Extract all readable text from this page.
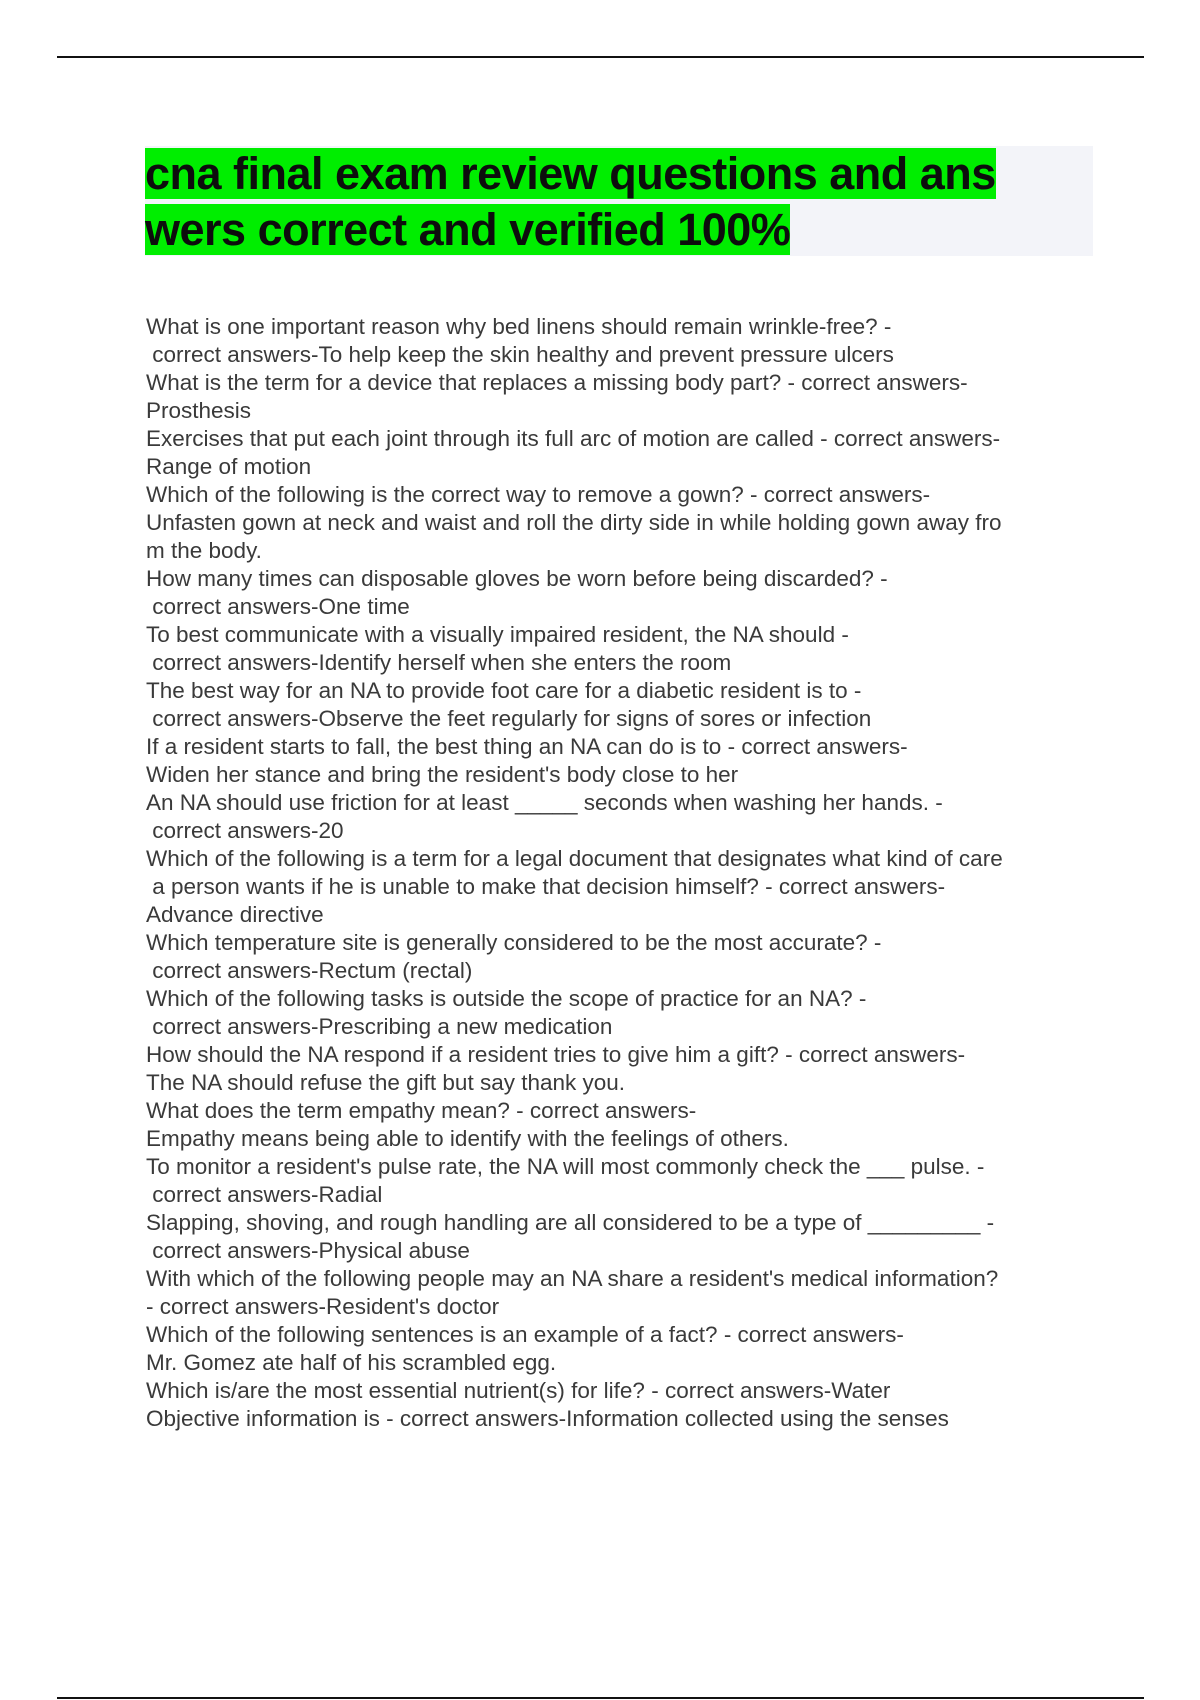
cna final exam review questions and ans
wers correct and verified 100%
What is one important reason why bed linens should remain wrinkle-free? -
correct answers-To help keep the skin healthy and prevent pressure ulcers
What is the term for a device that replaces a missing body part? - correct answers-
Prosthesis
Exercises that put each joint through its full arc of motion are called - correct answers-
Range of motion
Which of the following is the correct way to remove a gown? - correct answers-
Unfasten gown at neck and waist and roll the dirty side in while holding gown away fro
m the body.
How many times can disposable gloves be worn before being discarded? -
correct answers-One time
To best communicate with a visually impaired resident, the NA should -
correct answers-Identify herself when she enters the room
The best way for an NA to provide foot care for a diabetic resident is to -
correct answers-Observe the feet regularly for signs of sores or infection
If a resident starts to fall, the best thing an NA can do is to - correct answers-
Widen her stance and bring the resident's body close to her
An NA should use friction for at least _____ seconds when washing her hands. -
correct answers-20
Which of the following is a term for a legal document that designates what kind of care
a person wants if he is unable to make that decision himself? - correct answers-
Advance directive
Which temperature site is generally considered to be the most accurate? -
correct answers-Rectum (rectal)
Which of the following tasks is outside the scope of practice for an NA? -
correct answers-Prescribing a new medication
How should the NA respond if a resident tries to give him a gift? - correct answers-
The NA should refuse the gift but say thank you.
What does the term empathy mean? - correct answers-
Empathy means being able to identify with the feelings of others.
To monitor a resident's pulse rate, the NA will most commonly check the ___ pulse. -
correct answers-Radial
Slapping, shoving, and rough handling are all considered to be a type of _________ -
correct answers-Physical abuse
With which of the following people may an NA share a resident's medical information?
- correct answers-Resident's doctor
Which of the following sentences is an example of a fact? - correct answers-
Mr. Gomez ate half of his scrambled egg.
Which is/are the most essential nutrient(s) for life? - correct answers-Water
Objective information is - correct answers-Information collected using the senses
